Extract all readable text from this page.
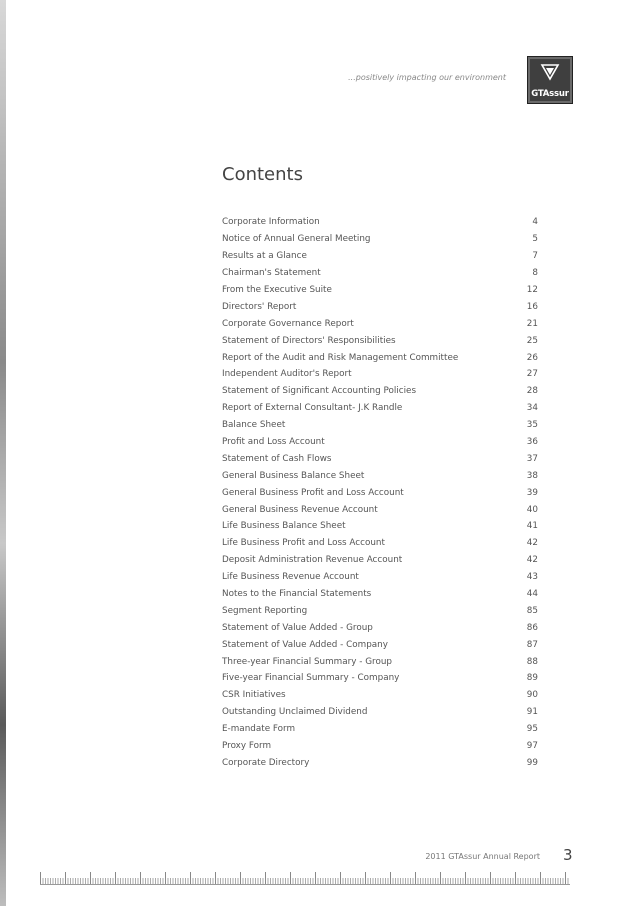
...positively impacting our environment
GTAssur
Contents
Corporate Information	4
Notice of Annual General Meeting	5
Results at a Glance	7
Chairman's Statement	8
From the Executive Suite	12
Directors' Report	16
Corporate Governance Report	21
Statement of Directors' Responsibilities	25
Report of the Audit and Risk Management Committee	26
Independent Auditor's Report	27
Statement of Significant Accounting Policies	28
Report of External Consultant- J.K Randle	34
Balance Sheet	35
Profit and Loss Account	36
Statement of Cash Flows	37
General Business Balance Sheet	38
General Business Profit and Loss Account	39
General Business Revenue Account	40
Life Business Balance Sheet	41
Life Business Profit and Loss Account	42
Deposit Administration Revenue Account	42
Life Business Revenue Account	43
Notes to the Financial Statements	44
Segment Reporting	85
Statement of Value Added - Group	86
Statement of Value Added - Company	87
Three-year Financial Summary - Group	88
Five-year Financial Summary - Company	89
CSR Initiatives	90
Outstanding Unclaimed Dividend	91
E-mandate Form	95
Proxy Form	97
Corporate Directory	99
2011 GTAssur Annual Report 3
